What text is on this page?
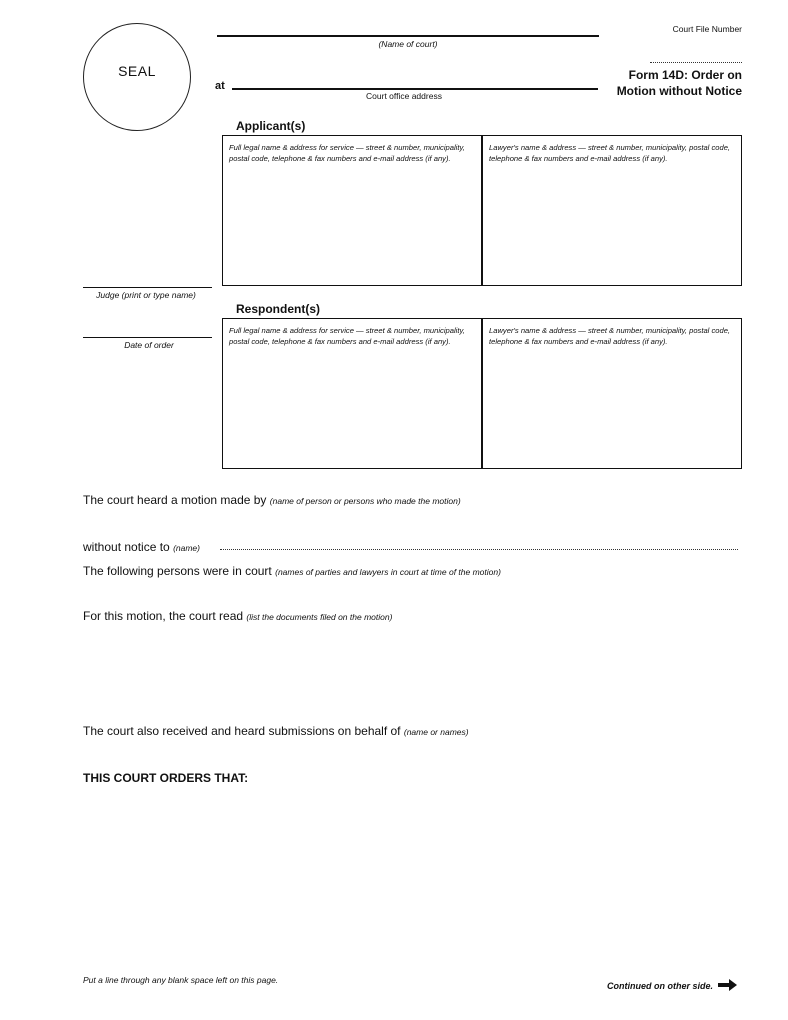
Court File Number
SEAL
(Name of court)
at
Court office address
Form 14D: Order on
Motion without Notice
Applicant(s)
Full legal name & address for service — street & number, municipality, postal code, telephone & fax numbers and e-mail address (if any).
Lawyer's name & address — street & number, municipality, postal code, telephone & fax numbers and e-mail address (if any).
Judge (print or type name)
Date of order
Respondent(s)
Full legal name & address for service — street & number, municipality, postal code, telephone & fax numbers and e-mail address (if any).
Lawyer's name & address — street & number, municipality, postal code, telephone & fax numbers and e-mail address (if any).
The court heard a motion made by (name of person or persons who made the motion)
without notice to (name)
The following persons were in court (names of parties and lawyers in court at time of the motion)
For this motion, the court read (list the documents filed on the motion)
The court also received and heard submissions on behalf of (name or names)
THIS COURT ORDERS THAT:
Put a line through any blank space left on this page.
Continued on other side.
